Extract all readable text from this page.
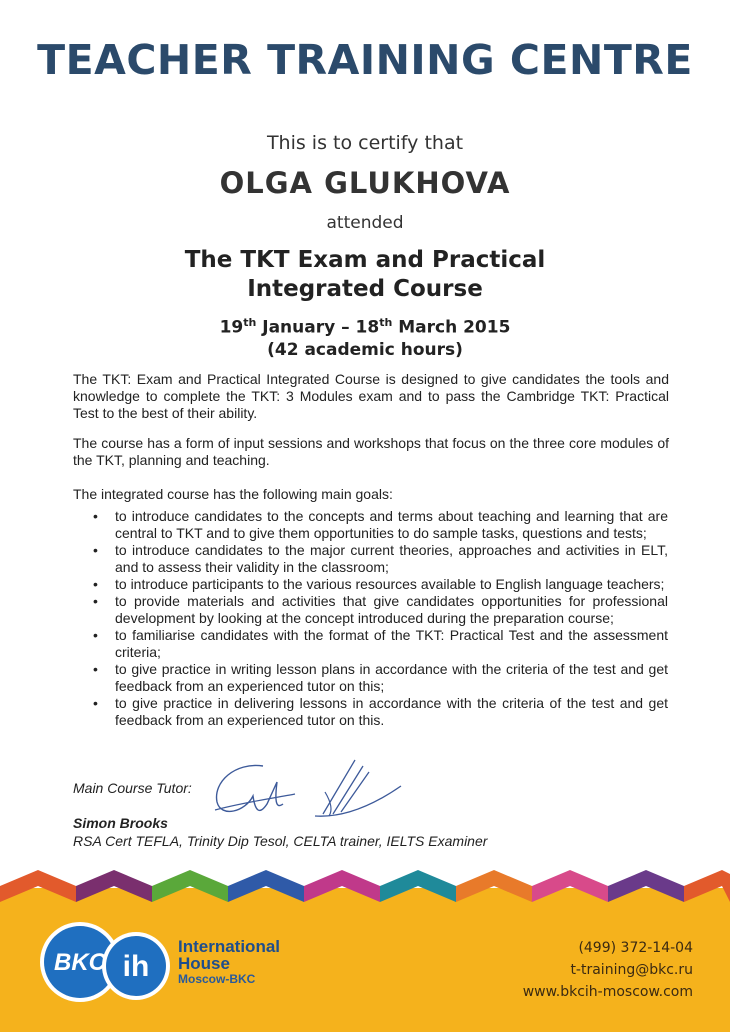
TEACHER TRAINING CENTRE
This is to certify that
OLGA GLUKHOVA
attended
The TKT Exam and Practical
Integrated Course
19th January – 18th March 2015
(42 academic hours)
The TKT: Exam and Practical Integrated Course is designed to give candidates the tools and knowledge to complete the TKT: 3 Modules exam and to pass the Cambridge TKT: Practical Test to the best of their ability.
The course has a form of input sessions and workshops that focus on the three core modules of the TKT, planning and teaching.
The integrated course has the following main goals:
• to introduce candidates to the concepts and terms about teaching and learning that are central to TKT and to give them opportunities to do sample tasks, questions and tests;
• to introduce candidates to the major current theories, approaches and activities in ELT, and to assess their validity in the classroom;
• to introduce participants to the various resources available to English language teachers;
• to provide materials and activities that give candidates opportunities for professional development by looking at the concept introduced during the preparation course;
• to familiarise candidates with the format of the TKT: Practical Test and the assessment criteria;
• to give practice in writing lesson plans in accordance with the criteria of the test and get feedback from an experienced tutor on this;
• to give practice in delivering lessons in accordance with the criteria of the test and get feedback from an experienced tutor on this.
Main Course Tutor:
Simon Brooks
RSA Cert TEFLA, Trinity Dip Tesol, CELTA trainer, IELTS Examiner
BKC ih
International
House
Moscow-BKC
(499) 372-14-04
t-training@bkc.ru
www.bkcih-moscow.com
